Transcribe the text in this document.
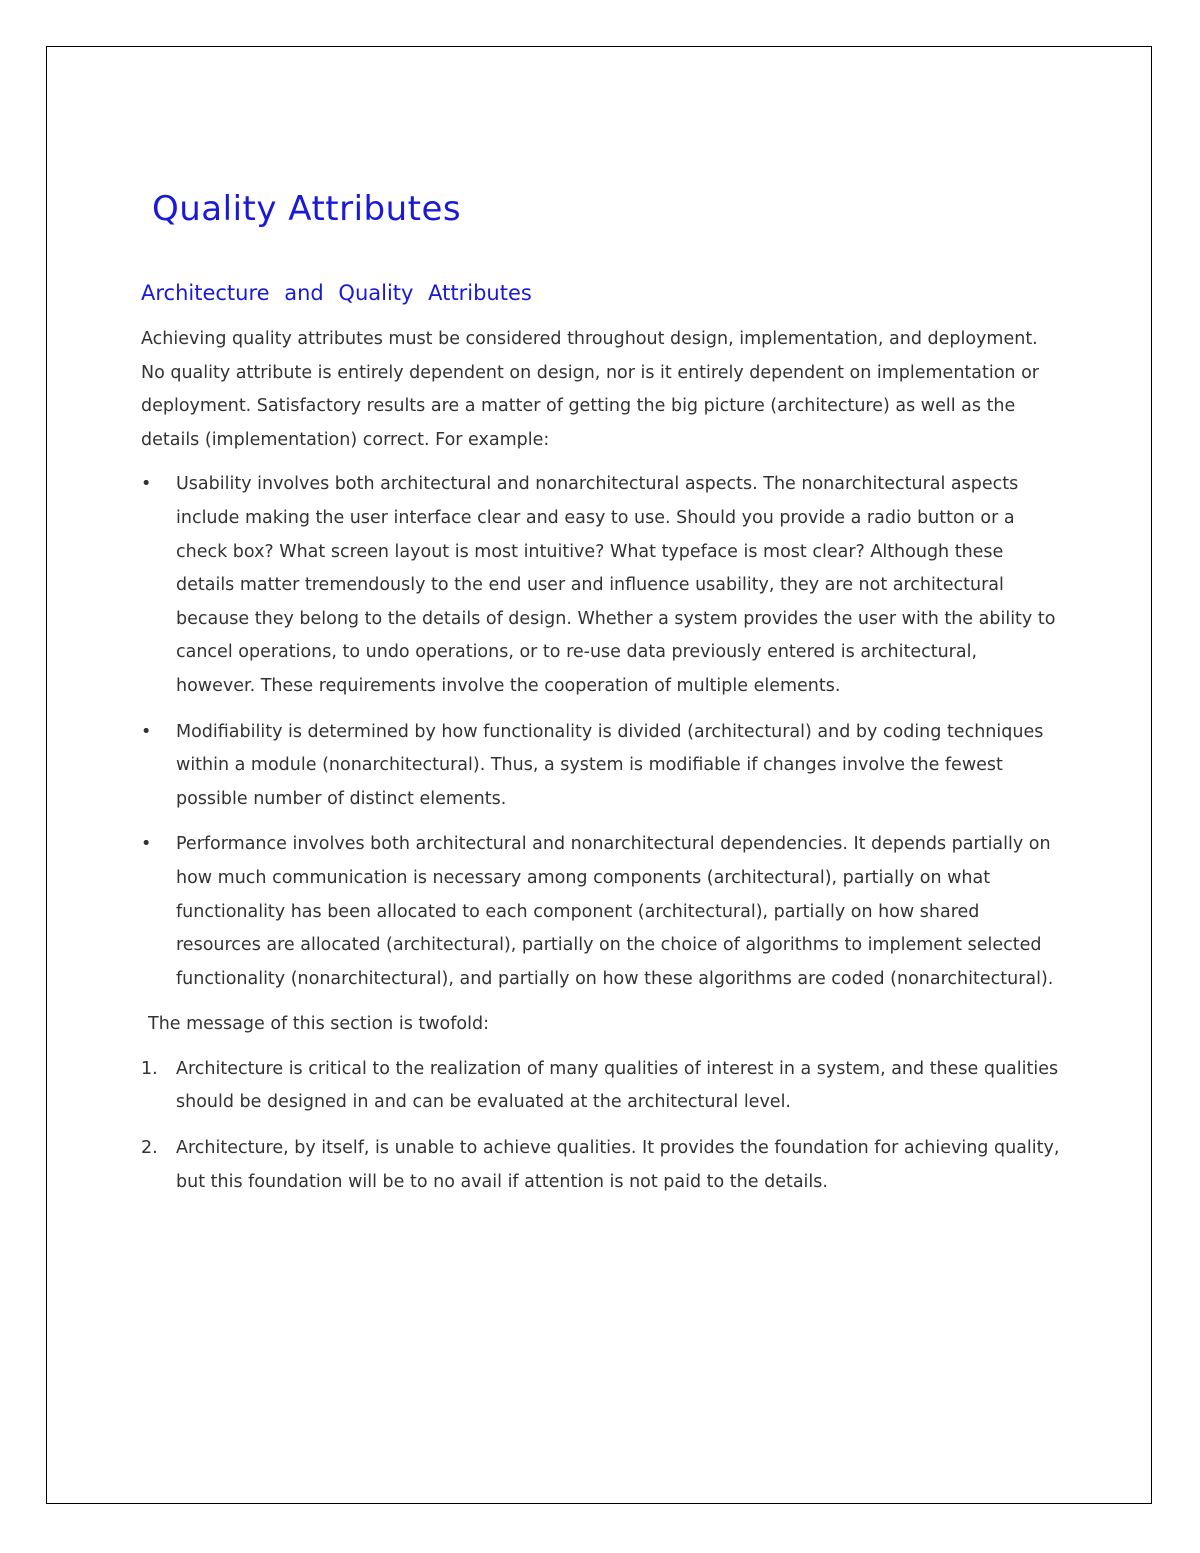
Quality Attributes
Architecture and Quality Attributes

Achieving quality attributes must be considered throughout design, implementation, and deployment. No quality attribute is entirely dependent on design, nor is it entirely dependent on implementation or deployment. Satisfactory results are a matter of getting the big picture (architecture) as well as the details (implementation) correct. For example:

•	Usability involves both architectural and nonarchitectural aspects. The nonarchitectural aspects include making the user interface clear and easy to use. Should you provide a radio button or a check box? What screen layout is most intuitive? What typeface is most clear? Although these details matter tremendously to the end user and influence usability, they are not architectural because they belong to the details of design. Whether a system provides the user with the ability to cancel operations, to undo operations, or to re-use data previously entered is architectural, however. These requirements involve the cooperation of multiple elements.
•	Modifiability is determined by how functionality is divided (architectural) and by coding techniques within a module (nonarchitectural). Thus, a system is modifiable if changes involve the fewest possible number of distinct elements.
•	Performance involves both architectural and nonarchitectural dependencies. It depends partially on how much communication is necessary among components (architectural), partially on what functionality has been allocated to each component (architectural), partially on how shared resources are allocated (architectural), partially on the choice of algorithms to implement selected functionality (nonarchitectural), and partially on how these algorithms are coded (nonarchitectural).

The message of this section is twofold:

1. Architecture is critical to the realization of many qualities of interest in a system, and these qualities should be designed in and can be evaluated at the architectural level.
2. Architecture, by itself, is unable to achieve qualities. It provides the foundation for achieving quality, but this foundation will be to no avail if attention is not paid to the details.
